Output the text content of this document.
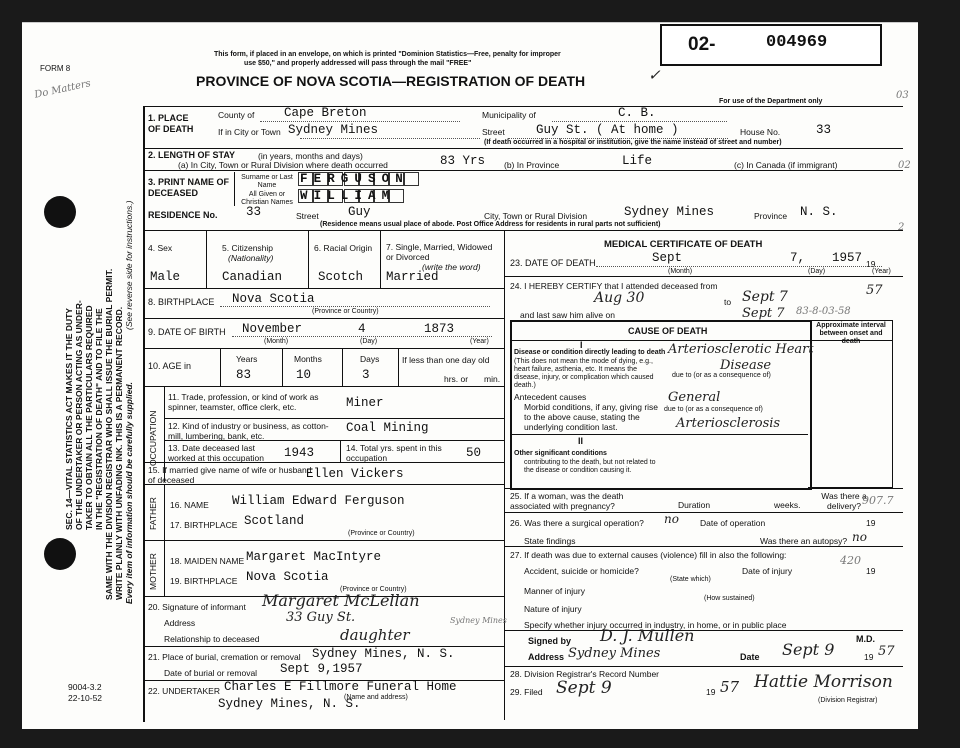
FORM 8
Do Matters
This form, if placed in an envelope, on which is printed "Dominion Statistics—Free, penalty for improper
use $50," and properly addressed will pass through the mail "FREE"
PROVINCE OF NOVA SCOTIA—REGISTRATION OF DEATH	✓
02-	004969
For use of the Department only
03
02
2
SEC. 14—VITAL STATISTICS ACT MAKES IT THE DUTY OF THE UNDERTAKER OR PERSON ACTING AS UNDER- TAKER TO OBTAIN ALL THE PARTICULARS REQUIRED IN THE "REGISTRATION OF DEATH" AND TO FILE THE SAME WITH THE DIVISION REGISTRAR WHO SHALL ISSUE THE BURIAL PERMIT. WRITE PLAINLY WITH UNFADING INK. THIS IS A PERMANENT RECORD. Every item of information should be carefully supplied.
(See reverse side for instructions.)
1. PLACE OF DEATH
County of Cape Breton	Municipality of	C. B.
If in City or Town Sydney Mines	Street	Guy St. ( At home )	House No.	33
(If death occurred in a hospital or institution, give the name instead of street and number)
2. LENGTH OF STAY	(in years, months and days)
(a) In City, Town or Rural Division where death occurred	83 Yrs (b) In Province	Life	(c) In Canada (if immigrant)
3. PRINT NAME OF DECEASED
Surname or Last Name
All Given or Christian Names
FERGUSON
WILLIAM
RESIDENCE No. 33	Street Guy	City, Town or Rural Division	Sydney Mines	Province N. S.
(Residence means usual place of abode. Post Office Address for residents in rural parts not sufficient)
4. Sex
Male
5. Citizenship
(Nationality)
Canadian
6. Racial Origin
Scotch
7. Single, Married, Widowed or Divorced
(write the word)
Married
8. BIRTHPLACE Nova Scotia
(Province or Country)
9. DATE OF BIRTH November	4	1873
(Month)	(Day)	(Year)
10. AGE in
Years	Months	Days
83	10	3
If less than one day old
hrs. or min.
OCCUPATION
11. Trade, profession, or kind of work as spinner, teamster, office clerk, etc.	Miner
12. Kind of industry or business, as cotton-mill, lumbering, bank, etc.
Coal Mining
13. Date deceased last worked at this occupation	1943	14. Total yrs. spent in this occupation	50
15. If married give name of wife or husband of deceased	Ellen Vickers
FATHER
MOTHER
16. NAME William Edward Ferguson
17. BIRTHPLACE Scotland
(Province or Country)
18. MAIDEN NAME Margaret MacIntyre
19. BIRTHPLACE Nova Scotia
(Province or Country)
20. Signature of informant Margaret McLellan
Address	33 Guy St.	Sydney Mines
Relationship to deceased	daughter
21. Place of burial, cremation or removal Sydney Mines, N. S.
Date of burial or removal Sept 9,1957
22. UNDERTAKER Charles E Fillmore Funeral Home
Sydney Mines, N. S.
(Name and address)
9004-3.2
22-10-52
MEDICAL CERTIFICATE OF DEATH
23. DATE OF DEATH	Sept	7, 1957 19
(Month)	(Day)	(Year)
24. I HEREBY CERTIFY that I attended deceased from
Aug 30	to Sept 7	57
and last saw him alive on	Sept 7 83-8-03-58
CAUSE OF DEATH
Approximate interval between onset and death
I
Disease or condition directly leading to death
(This does not mean the mode of dying, e.g., heart failure, asthenia, etc. It means the disease, injury, or complication which caused death.)
Arteriosclerotic Heart
Disease
due to (or as a consequence of)
Antecedent causes
Morbid conditions, if any, giving rise to the above cause, stating the underlying condition last.
General
due to (or as a consequence of)
Arteriosclerosis
II
Other significant conditions
contributing to the death, but not related to the disease or condition causing it.
25. If a woman, was the death associated with pregnancy?	Duration	weeks.
Was there a delivery? 907.7
26. Was there a surgical operation? no Date of operation	19
State findings	Was there an autopsy? no
27. If death was due to external causes (violence) fill in also the following:	420
Accident, suicide or homicide?	Date of injury	19
(State which)
Manner of injury
(How sustained)
Nature of injury
Specify whether injury occurred in industry, in home, or in public place
Signed by D. J. Mullen	M.D.
Address Sydney Mines	Date Sept 9	19 57
28. Division Registrar's Record Number
29. Filed Sept 9	19 57 Hattie Morrison
(Division Registrar)
